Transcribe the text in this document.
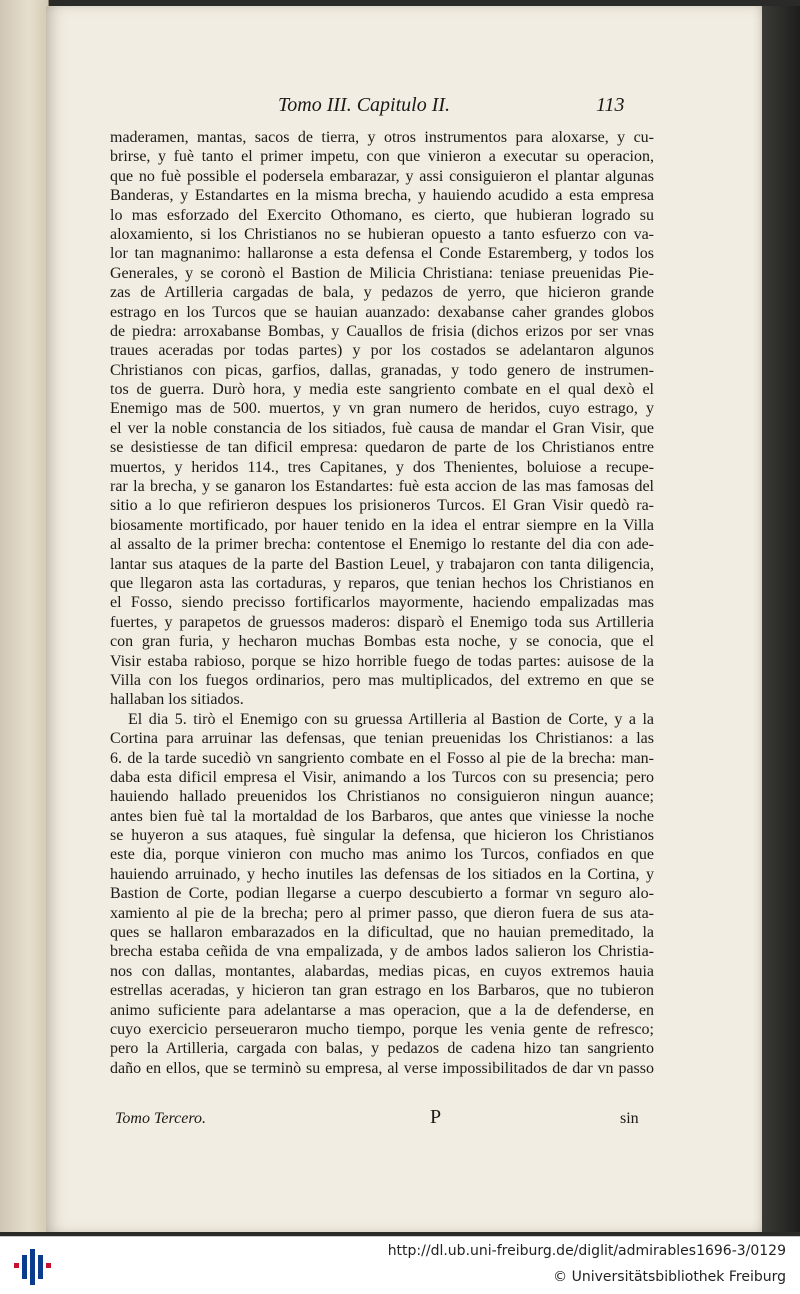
Tomo III. Capitulo II.	113
maderamen, mantas, sacos de tierra, y otros instrumentos para aloxarse, y cu-
brirse, y fuè tanto el primer impetu, con que vinieron a executar su operacion,
que no fuè possible el podersela embarazar, y assi consiguieron el plantar algunas
Banderas, y Estandartes en la misma brecha, y hauiendo acudido a esta empresa
lo mas esforzado del Exercito Othomano, es cierto, que hubieran logrado su
aloxamiento, si los Christianos no se hubieran opuesto a tanto esfuerzo con va-
lor tan magnanimo: hallaronse a esta defensa el Conde Estaremberg, y todos los
Generales, y se coronò el Bastion de Milicia Christiana: teniase preuenidas Pie-
zas de Artilleria cargadas de bala, y pedazos de yerro, que hicieron grande
estrago en los Turcos que se hauian auanzado: dexabanse caher grandes globos
de piedra: arroxabanse Bombas, y Cauallos de frisia (dichos erizos por ser vnas
traues aceradas por todas partes) y por los costados se adelantaron algunos
Christianos con picas, garfios, dallas, granadas, y todo genero de instrumen-
tos de guerra. Durò hora, y media este sangriento combate en el qual dexò el
Enemigo mas de 500. muertos, y vn gran numero de heridos, cuyo estrago, y
el ver la noble constancia de los sitiados, fuè causa de mandar el Gran Visir, que
se desistiesse de tan dificil empresa: quedaron de parte de los Christianos entre
muertos, y heridos 114., tres Capitanes, y dos Thenientes, boluiose a recupe-
rar la brecha, y se ganaron los Estandartes: fuè esta accion de las mas famosas del
sitio a lo que refirieron despues los prisioneros Turcos. El Gran Visir quedò ra-
biosamente mortificado, por hauer tenido en la idea el entrar siempre en la Villa
al assalto de la primer brecha: contentose el Enemigo lo restante del dia con ade-
lantar sus ataques de la parte del Bastion Leuel, y trabajaron con tanta diligencia,
que llegaron asta las cortaduras, y reparos, que tenian hechos los Christianos en
el Fosso, siendo precisso fortificarlos mayormente, haciendo empalizadas mas
fuertes, y parapetos de gruessos maderos: disparò el Enemigo toda sus Artilleria
con gran furia, y hecharon muchas Bombas esta noche, y se conocia, que el
Visir estaba rabioso, porque se hizo horrible fuego de todas partes: auisose de la
Villa con los fuegos ordinarios, pero mas multiplicados, del extremo en que se
hallaban los sitiados.
El dia 5. tirò el Enemigo con su gruessa Artilleria al Bastion de Corte, y a la
Cortina para arruinar las defensas, que tenian preuenidas los Christianos: a las
6. de la tarde sucediò vn sangriento combate en el Fosso al pie de la brecha: man-
daba esta dificil empresa el Visir, animando a los Turcos con su presencia; pero
hauiendo hallado preuenidos los Christianos no consiguieron ningun auance;
antes bien fuè tal la mortaldad de los Barbaros, que antes que viniesse la noche
se huyeron a sus ataques, fuè singular la defensa, que hicieron los Christianos
este dia, porque vinieron con mucho mas animo los Turcos, confiados en que
hauiendo arruinado, y hecho inutiles las defensas de los sitiados en la Cortina, y
Bastion de Corte, podian llegarse a cuerpo descubierto a formar vn seguro alo-
xamiento al pie de la brecha; pero al primer passo, que dieron fuera de sus ata-
ques se hallaron embarazados en la dificultad, que no hauian premeditado, la
brecha estaba ceñida de vna empalizada, y de ambos lados salieron los Christia-
nos con dallas, montantes, alabardas, medias picas, en cuyos extremos hauia
estrellas aceradas, y hicieron tan gran estrago en los Barbaros, que no tubieron
animo suficiente para adelantarse a mas operacion, que a la de defenderse, en
cuyo exercicio perseueraron mucho tiempo, porque les venia gente de refresco;
pero la Artilleria, cargada con balas, y pedazos de cadena hizo tan sangriento
daño en ellos, que se terminò su empresa, al verse impossibilitados de dar vn passo
Tomo Tercero.	P	sin
http://dl.ub.uni-freiburg.de/diglit/admirables1696-3/0129
© Universitätsbibliothek Freiburg
